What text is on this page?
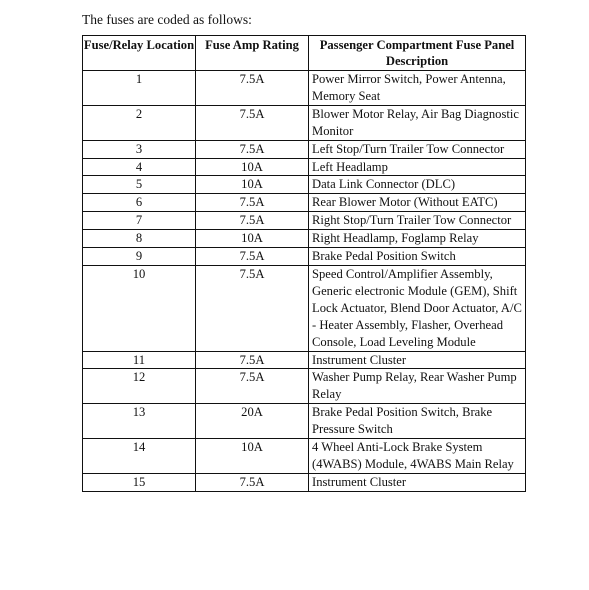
The fuses are coded as follows:
Fuse/Relay Location	Fuse Amp Rating	Passenger Compartment Fuse Panel Description
1	7.5A	Power Mirror Switch, Power Antenna, Memory Seat
2	7.5A	Blower Motor Relay, Air Bag Diagnostic Monitor
3	7.5A	Left Stop/Turn Trailer Tow Connector
4	10A	Left Headlamp
5	10A	Data Link Connector (DLC)
6	7.5A	Rear Blower Motor (Without EATC)
7	7.5A	Right Stop/Turn Trailer Tow Connector
8	10A	Right Headlamp, Foglamp Relay
9	7.5A	Brake Pedal Position Switch
10	7.5A	Speed Control/Amplifier Assembly, Generic electronic Module (GEM), Shift Lock Actuator, Blend Door Actuator, A/C - Heater Assembly, Flasher, Overhead Console, Load Leveling Module
11	7.5A	Instrument Cluster
12	7.5A	Washer Pump Relay, Rear Washer Pump Relay
13	20A	Brake Pedal Position Switch, Brake Pressure Switch
14	10A	4 Wheel Anti-Lock Brake System (4WABS) Module, 4WABS Main Relay
15	7.5A	Instrument Cluster
